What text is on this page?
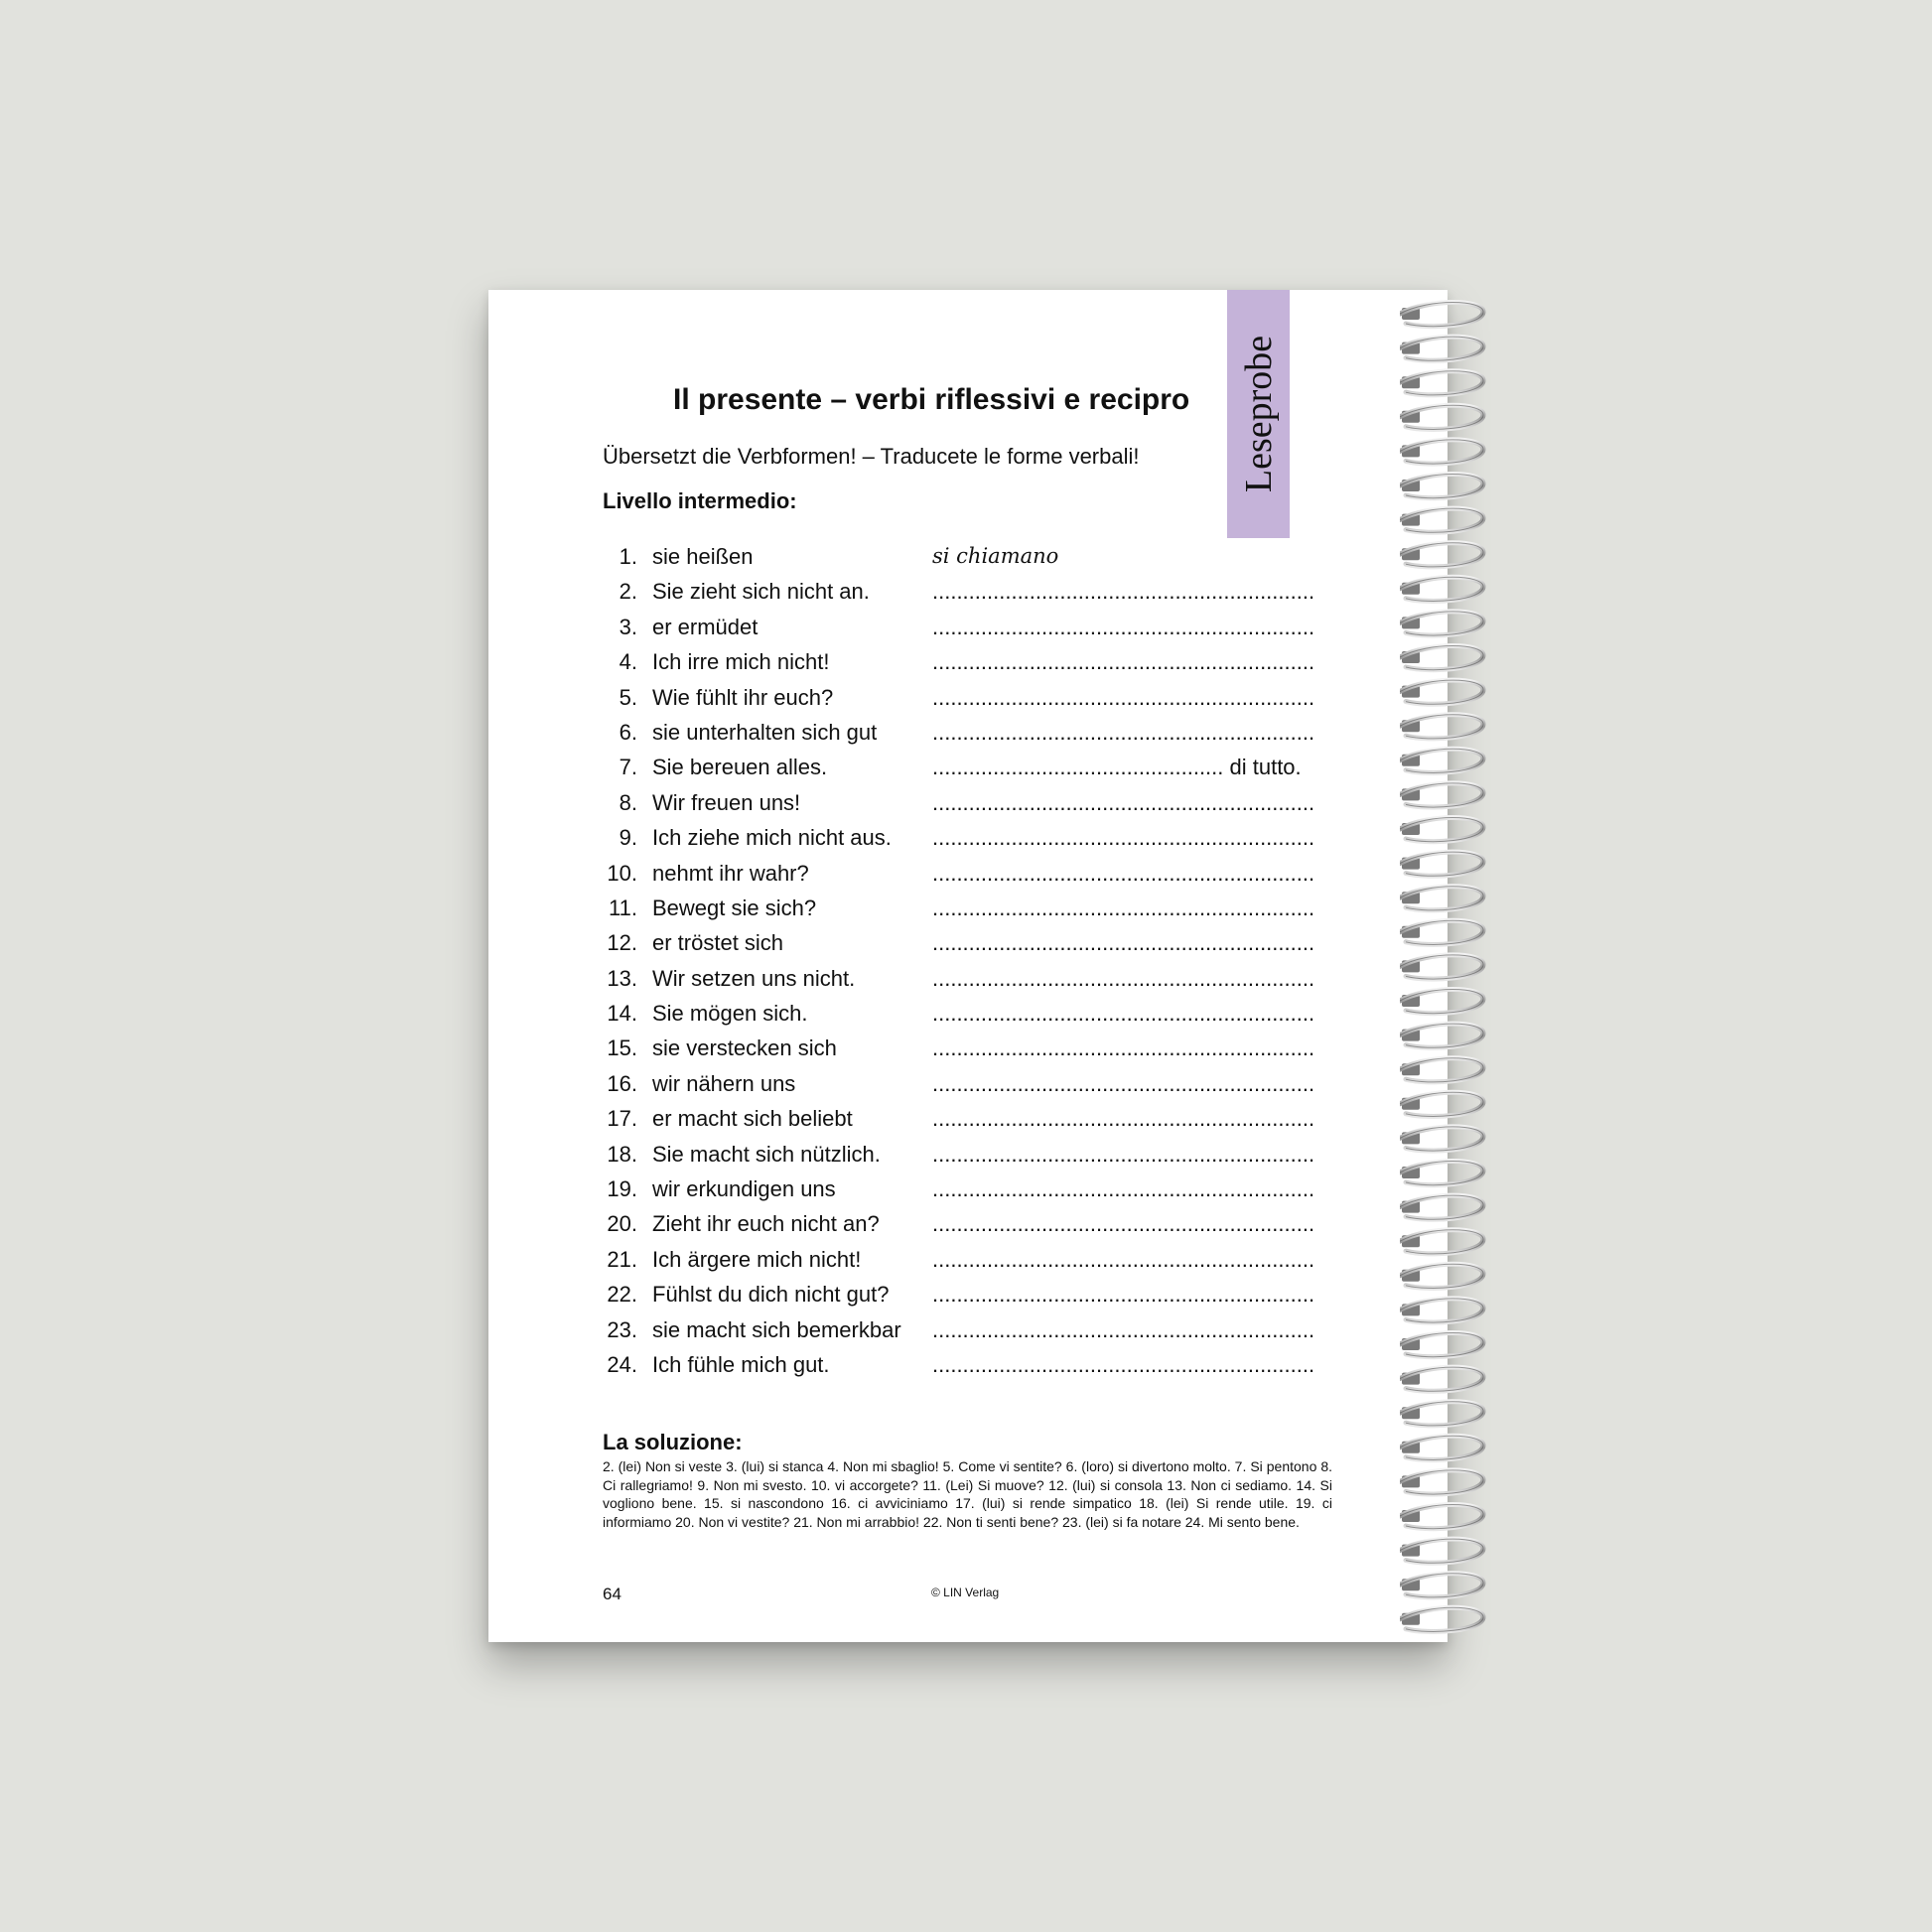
Leseprobe
Il presente – verbi riflessivi e recipro
Übersetzt die Verbformen! – Traducete le forme verbali!
Livello intermedio:
1. sie heißen	si chiamano
2. Sie zieht sich nicht an.	...............................................................
3. er ermüdet	...............................................................
4. Ich irre mich nicht!	...............................................................
5. Wie fühlt ihr euch?	...............................................................
6. sie unterhalten sich gut	...............................................................
7. Sie bereuen alles.	................................................ di tutto.
8. Wir freuen uns!	...............................................................
9. Ich ziehe mich nicht aus. ...............................................................
10. nehmt ihr wahr?	...............................................................
11. Bewegt sie sich?	...............................................................
12. er tröstet sich	...............................................................
13. Wir setzen uns nicht.	...............................................................
14. Sie mögen sich.	...............................................................
15. sie verstecken sich	...............................................................
16. wir nähern uns	...............................................................
17. er macht sich beliebt	...............................................................
18. Sie macht sich nützlich. ...............................................................
19. wir erkundigen uns	...............................................................
20. Zieht ihr euch nicht an? ...............................................................
21. Ich ärgere mich nicht!	...............................................................
22. Fühlst du dich nicht gut? ...............................................................
23. sie macht sich bemerkbar ...............................................................
24. Ich fühle mich gut.	...............................................................
La soluzione:

2. (lei) Non si veste 3. (lui) si stanca 4. Non mi sbaglio! 5. Come vi sentite? 6. (loro) si divertono molto. 7. Si pentono 8. Ci rallegriamo! 9. Non mi svesto. 10. vi accorgete? 11. (Lei) Si muove? 12. (lui) si consola 13. Non ci sediamo. 14. Si vogliono bene. 15. si nascondono 16. ci avviciniamo 17. (lui) si rende simpatico 18. (lei) Si rende utile. 19. ci informiamo 20. Non vi vestite? 21. Non mi arrabbio! 22. Non ti senti bene? 23. (lei) si fa notare 24. Mi sento bene.

64	© LIN Verlag
